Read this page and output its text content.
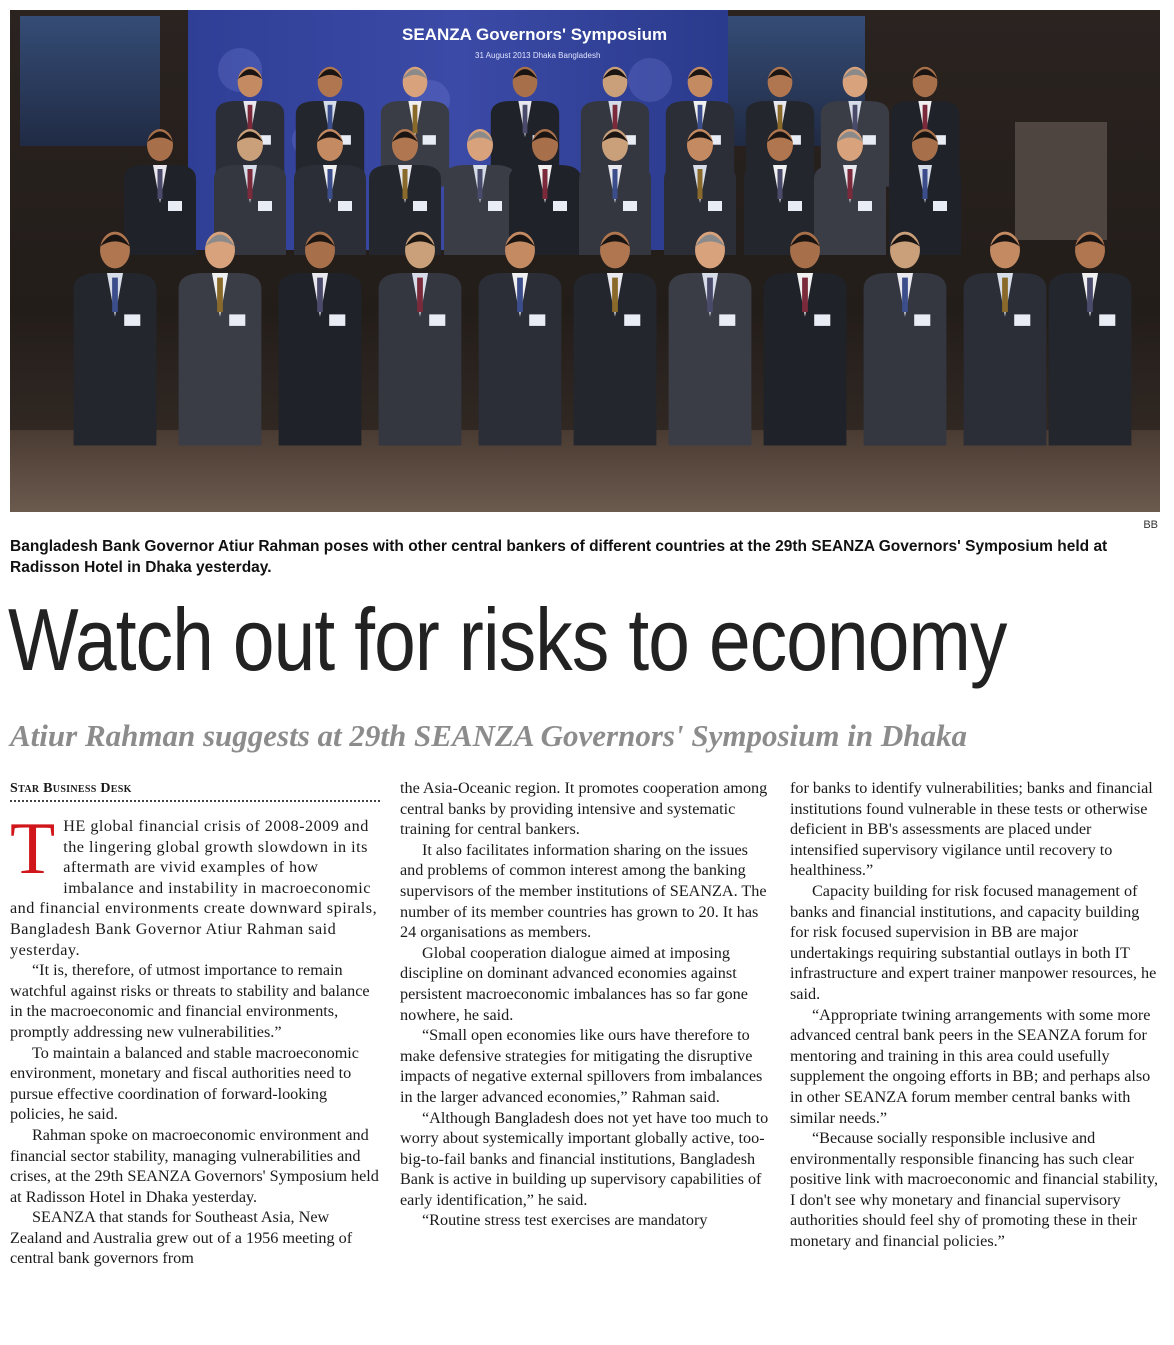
SEANZA Governors' Symposium
31 August 2013 Dhaka Bangladesh
BB
Bangladesh Bank Governor Atiur Rahman poses with other central bankers of different countries at the 29th SEANZA Governors' Symposium held at Radisson Hotel in Dhaka yesterday.
Watch out for risks to economy
Atiur Rahman suggests at 29th SEANZA Governors' Symposium in Dhaka
Star Business Desk

THE global financial crisis of 2008-2009 and the lingering global growth slowdown in its aftermath are vivid examples of how imbalance and instability in macroeconomic and financial environments create downward spirals, Bangladesh Bank Governor Atiur Rahman said yesterday.

“It is, therefore, of utmost importance to remain watchful against risks or threats to stability and balance in the macroeconomic and financial environments, promptly addressing new vulnerabilities.”

To maintain a balanced and stable macroeconomic environment, monetary and fiscal authorities need to pursue effective coordination of forward-looking policies, he said.

Rahman spoke on macroeconomic environment and financial sector stability, managing vulnerabilities and crises, at the 29th SEANZA Governors' Symposium held at Radisson Hotel in Dhaka yesterday.

SEANZA that stands for Southeast Asia, New Zealand and Australia grew out of a 1956 meeting of central bank governors from

the Asia-Oceanic region. It promotes cooperation among central banks by providing intensive and systematic training for central bankers.

It also facilitates information sharing on the issues and problems of common interest among the banking supervisors of the member institutions of SEANZA. The number of its member countries has grown to 20. It has 24 organisations as members.

Global cooperation dialogue aimed at imposing discipline on dominant advanced economies against persistent macroeconomic imbalances has so far gone nowhere, he said.

“Small open economies like ours have therefore to make defensive strategies for mitigating the disruptive impacts of negative external spillovers from imbalances in the larger advanced economies,” Rahman said.

“Although Bangladesh does not yet have too much to worry about systemically important globally active, too-big-to-fail banks and financial institutions, Bangladesh Bank is active in building up supervisory capabilities of early identification,” he said.

“Routine stress test exercises are mandatory

for banks to identify vulnerabilities; banks and financial institutions found vulnerable in these tests or otherwise deficient in BB's assessments are placed under intensified supervisory vigilance until recovery to healthiness.”

Capacity building for risk focused management of banks and financial institutions, and capacity building for risk focused supervision in BB are major undertakings requiring substantial outlays in both IT infrastructure and expert trainer manpower resources, he said.

“Appropriate twining arrangements with some more advanced central bank peers in the SEANZA forum for mentoring and training in this area could usefully supplement the ongoing efforts in BB; and perhaps also in other SEANZA forum member central banks with similar needs.”

“Because socially responsible inclusive and environmentally responsible financing has such clear positive link with macroeconomic and financial stability, I don't see why monetary and financial supervisory authorities should feel shy of promoting these in their monetary and financial policies.”
